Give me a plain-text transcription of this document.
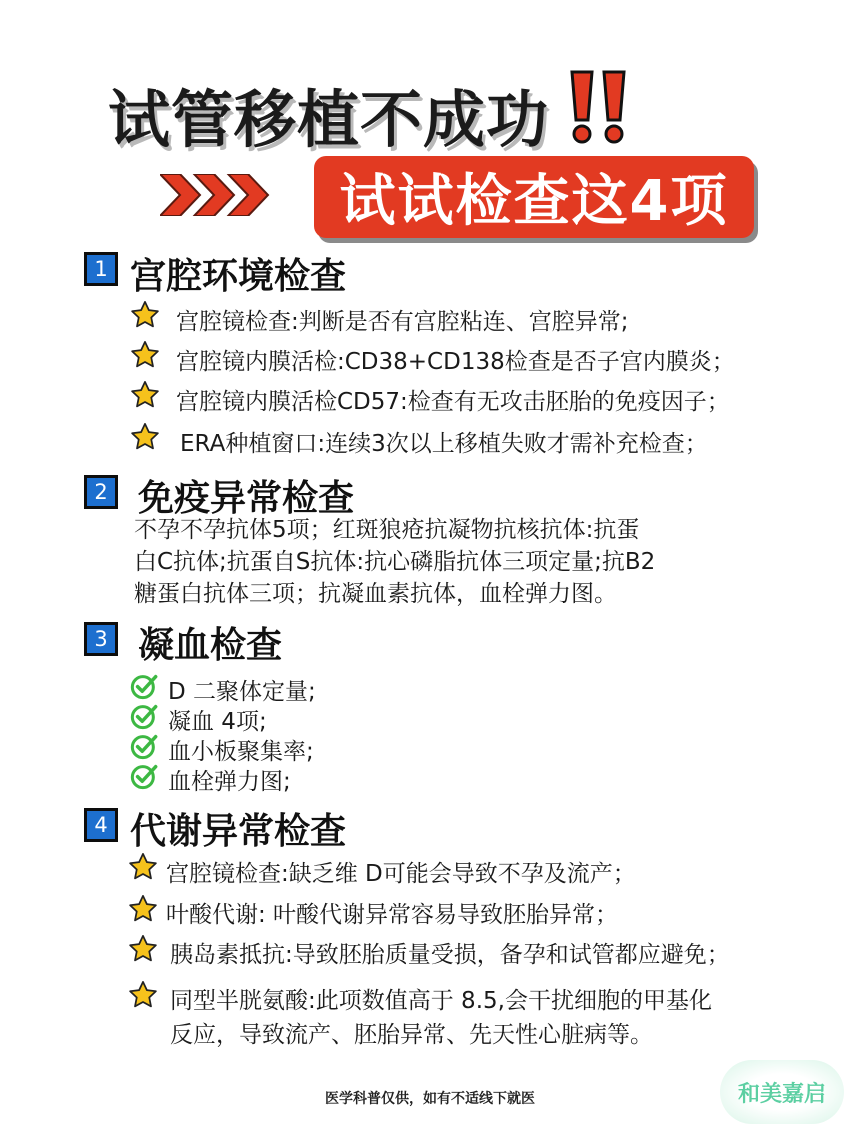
试管移植不成功
试试检查这4项
1 宫腔环境检查
宫腔镜检查:判断是否有宫腔粘连、宫腔异常;
宫腔镜内膜活检:CD38+CD138检查是否子宫内膜炎；
宫腔镜内膜活检CD57:检查有无攻击胚胎的免疫因子；
ERA种植窗口:连续3次以上移植失败才需补充检查；
2 免疫异常检查
不孕不孕抗体5项；红斑狼疮抗凝物抗核抗体:抗蛋
白C抗体;抗蛋自S抗体:抗心磷脂抗体三项定量;抗B2
糖蛋白抗体三项；抗凝血素抗体，血栓弹力图。
3 凝血检查
D 二聚体定量;
凝血 4项;
血小板聚集率;
血栓弹力图;
4 代谢异常检查
宫腔镜检查:缺乏维 D可能会导致不孕及流产；
叶酸代谢: 叶酸代谢异常容易导致胚胎异常；
胰岛素抵抗:导致胚胎质量受损，备孕和试管都应避免；
同型半胱氨酸:此项数值高于 8.5,会干扰细胞的甲基化
反应，导致流产、胚胎异常、先天性心脏病等。
医学科普仅供，如有不适线下就医	和美嘉启
